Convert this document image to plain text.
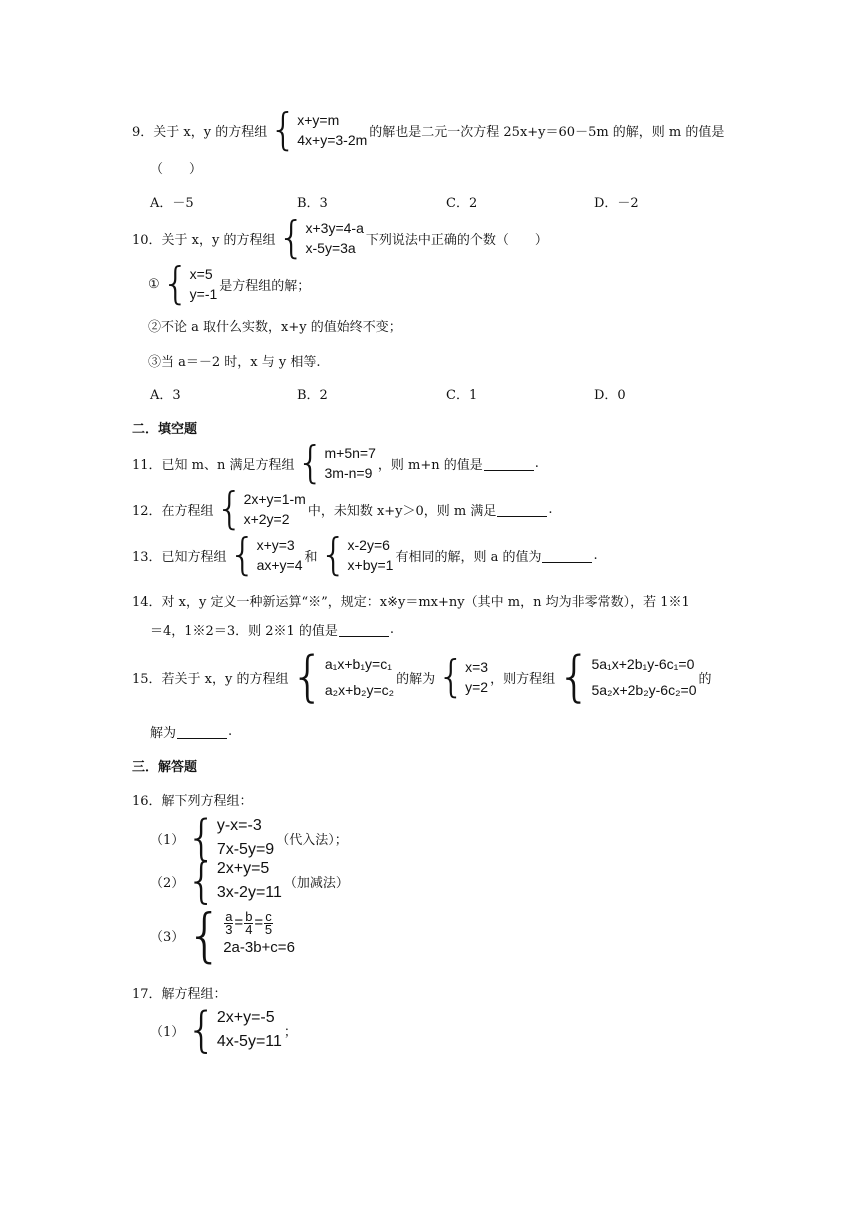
9． 关于 x，y 的方程组 { x+y=m
4x+y=3-2m 的解也是二元一次方程 25x+y＝60－5m 的解，则 m 的值是
（　　）
A．－5	B．3	C．2	D．－2
10． 关于 x，y 的方程组 { x+3y=4-a
x-5y=3a 下列说法中正确的个数（　　）
① { x=5
y=-1 是方程组的解；
②不论 a 取什么实数，x+y 的值始终不变；
③当 a＝－2 时，x 与 y 相等.
A．3	B．2	C．1	D．0
二．填空题
11． 已知 m、n 满足方程组 { m+5n=7
3m-n=9 ，则 m+n 的值是	.
12． 在方程组 { 2x+y=1-m
x+2y=2	中，未知数 x+y＞0，则 m 满足	.
13． 已知方程组 { x+y=3
ax+y=4 和 { x-2y=6
x+by=1 有相同的解，则 a 的值为	.
14．对 x，y 定义一种新运算“※”，规定：x※y＝mx+ny（其中 m，n 均为非零常数），若 1※1
＝4，1※2＝3．则 2※1 的值是	.
15． 若关于 x，y 的方程组 { a₁x+b₁y=c₁
a₂x+b₂y=c₂
的解为 { x=3
y=2 ，则方程组 { 5a₁x+2b₁y-6c₁=0
5a₂x+2b₂y-6c₂=0
的
解为	.
三．解答题
16．解下列方程组：
（1） { y-x=-3
7x-5y=9
（代入法）；
（2） { 2x+y=5
3x-2y=11
（加减法）
（3） { $\frac{a}{3} = \frac{b}{4} = \frac{c}{5}$
2a-3b+c=6
17．解方程组：
（1） { 2x+y=-5
4x-5y=11
；
